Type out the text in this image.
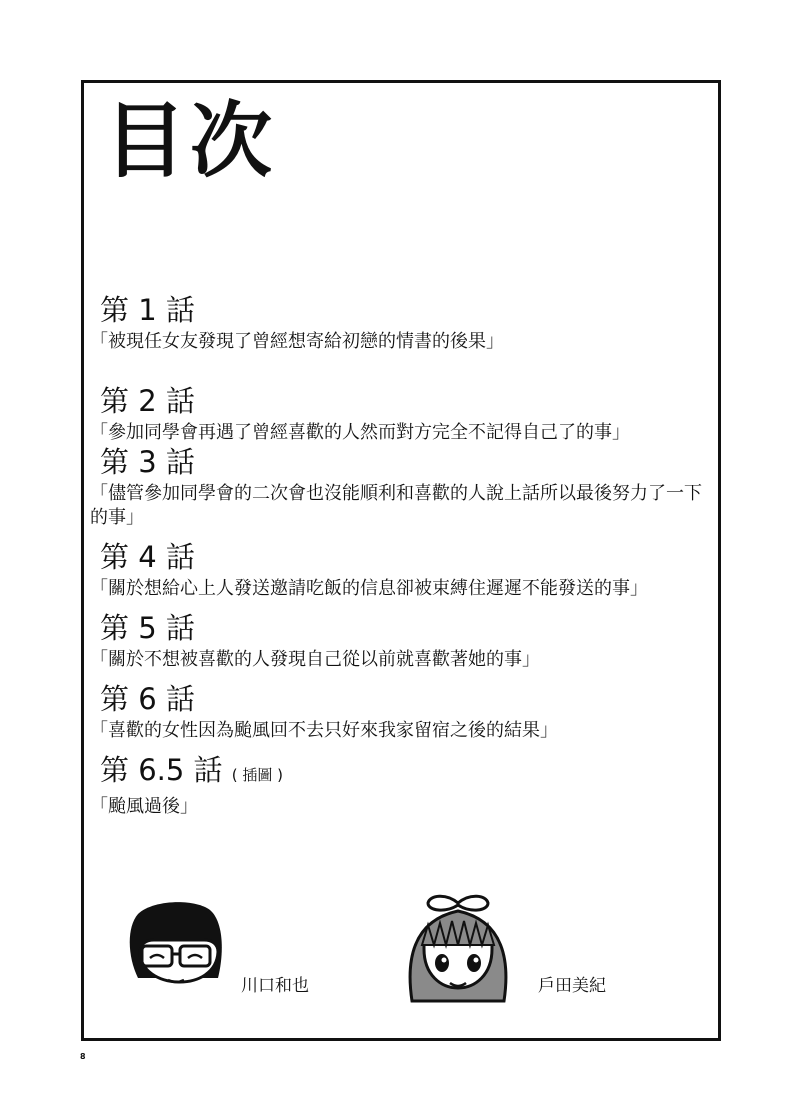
目次
第 1 話
「被現任女友發現了曾經想寄給初戀的情書的後果」
第 2 話
「參加同學會再遇了曾經喜歡的人然而對方完全不記得自己了的事」
第 3 話
「儘管參加同學會的二次會也沒能順利和喜歡的人說上話所以最後努力了一下的事」
第 4 話
「關於想給心上人發送邀請吃飯的信息卻被束縛住遲遲不能發送的事」
第 5 話
「關於不想被喜歡的人發現自己從以前就喜歡著她的事」
第 6 話
「喜歡的女性因為颱風回不去只好來我家留宿之後的結果」
第 6.5 話 ( 插圖 )
「颱風過後」
川口和也	戶田美紀
8
